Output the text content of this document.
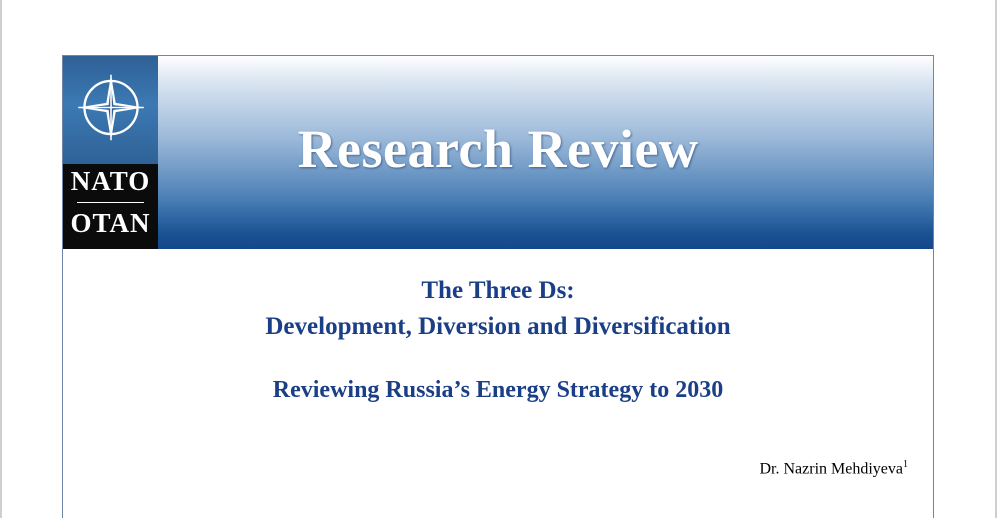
Research Review
NATO
OTAN
The Three Ds:
Development, Diversion and Diversification
Reviewing Russia’s Energy Strategy to 2030
Dr. Nazrin Mehdiyeva$^1$
